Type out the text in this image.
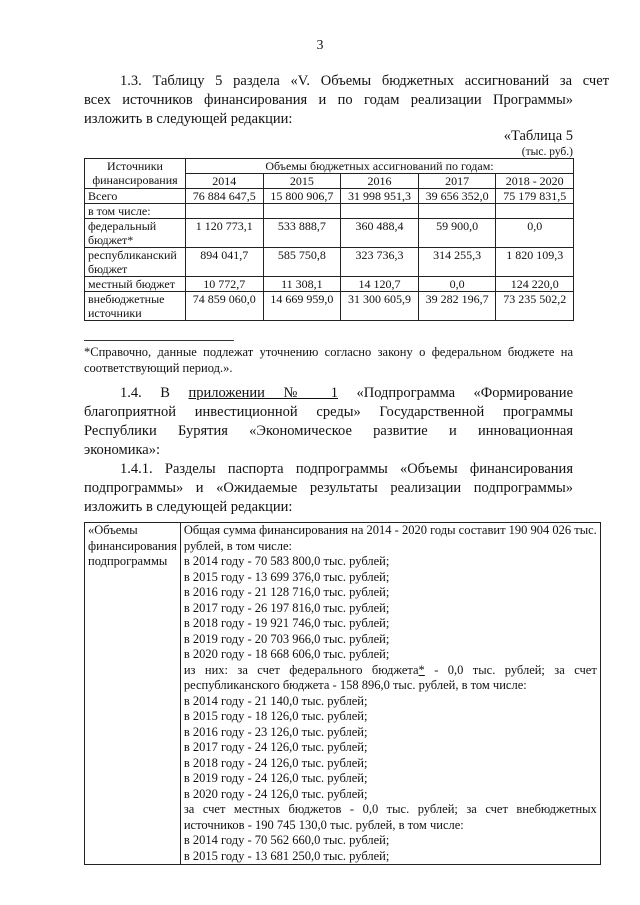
3
1.3. Таблицу 5 раздела «V. Объемы бюджетных ассигнований за счет
всех источников финансирования и по годам реализации Программы»
изложить в следующей редакции:
«Таблица 5
(тыс. руб.)
Источники финансирования	Объемы бюджетных ассигнований по годам:				
	2014	2015	2016	2017	2018 - 2020
Всего	76 884 647,5	15 800 906,7	31 998 951,3	39 656 352,0	75 179 831,5
в том числе:					
федеральный бюджет*	1 120 773,1	533 888,7	360 488,4	59 900,0	0,0
республиканский бюджет	894 041,7	585 750,8	323 736,3	314 255,3	1 820 109,3
местный бюджет	10 772,7	11 308,1	14 120,7	0,0	124 220,0
внебюджетные источники	74 859 060,0	14 669 959,0	31 300 605,9	39 282 196,7	73 235 502,2
*Справочно, данные подлежат уточнению согласно закону о федеральном бюджете на
соответствующий период.».
1.4. В приложении № 1 «Подпрограмма «Формирование
благоприятной инвестиционной среды» Государственной программы
Республики Бурятия «Экономическое развитие и инновационная
экономика»:
1.4.1. Разделы паспорта подпрограммы «Объемы финансирования
подпрограммы» и «Ожидаемые результаты реализации подпрограммы»
изложить в следующей редакции:
«Объемы финансирования подпрограммы	
Общая сумма финансирования на 2014 - 2020 годы составит 190 904 026 тыс.
рублей, в том числе:
в 2014 году - 70 583 800,0 тыс. рублей;
в 2015 году - 13 699 376,0 тыс. рублей;
в 2016 году - 21 128 716,0 тыс. рублей;
в 2017 году - 26 197 816,0 тыс. рублей;
в 2018 году - 19 921 746,0 тыс. рублей;
в 2019 году - 20 703 966,0 тыс. рублей;
в 2020 году - 18 668 606,0 тыс. рублей;
из них: за счет федерального бюджета* - 0,0 тыс. рублей; за счет
республиканского бюджета - 158 896,0 тыс. рублей, в том числе:
в 2014 году - 21 140,0 тыс. рублей;
в 2015 году - 18 126,0 тыс. рублей;
в 2016 году - 23 126,0 тыс. рублей;
в 2017 году - 24 126,0 тыс. рублей;
в 2018 году - 24 126,0 тыс. рублей;
в 2019 году - 24 126,0 тыс. рублей;
в 2020 году - 24 126,0 тыс. рублей;
за счет местных бюджетов - 0,0 тыс. рублей; за счет внебюджетных
источников - 190 745 130,0 тыс. рублей, в том числе:
в 2014 году - 70 562 660,0 тыс. рублей;
в 2015 году - 13 681 250,0 тыс. рублей;
